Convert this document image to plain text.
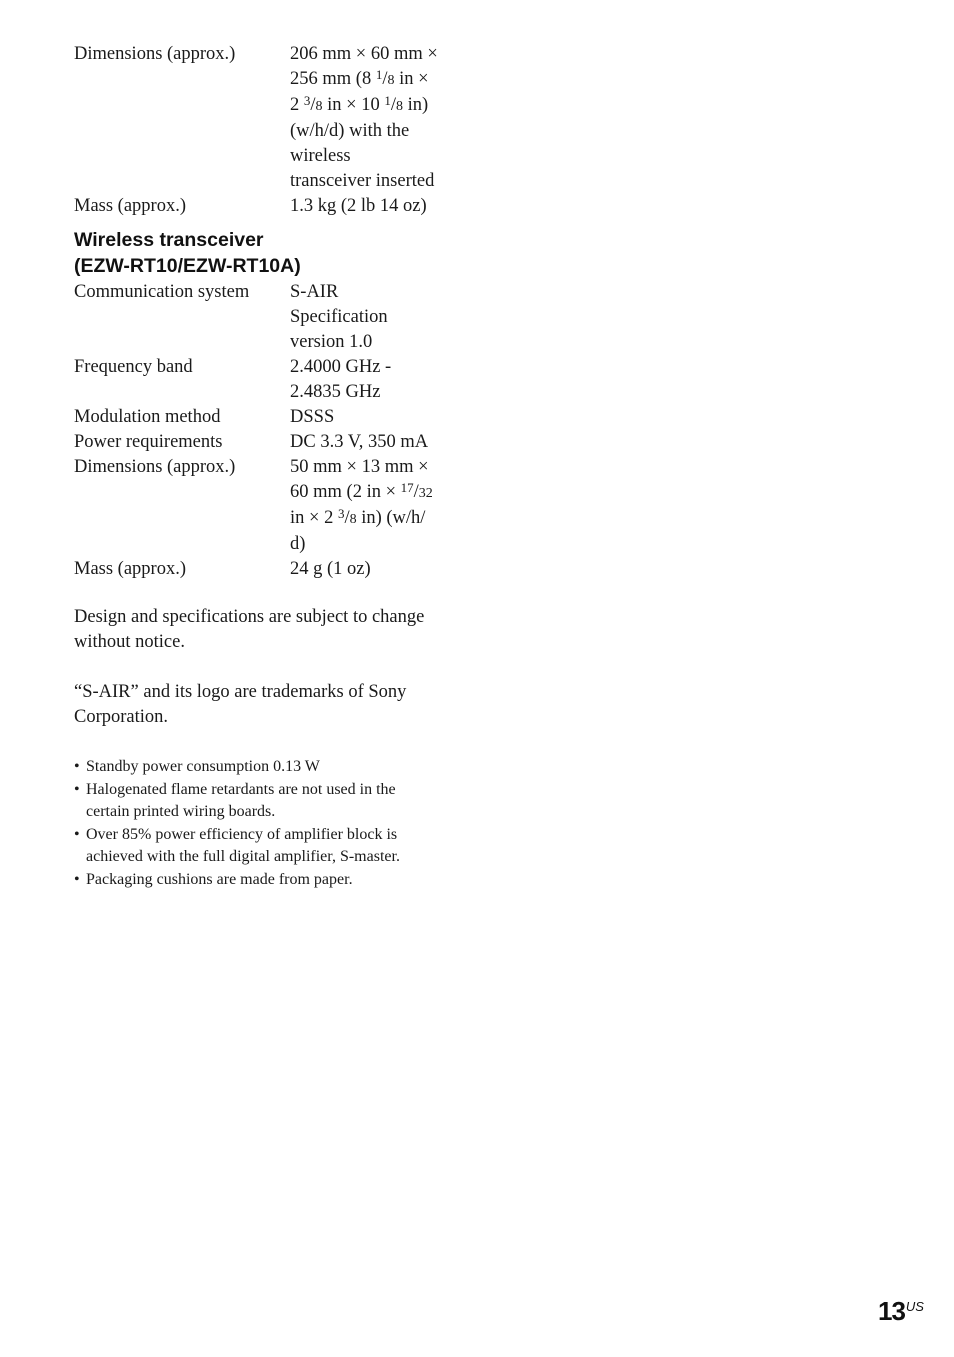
Dimensions (approx.)	206 mm × 60 mm ×
256 mm (8 $^1$/8 in ×
2 $^3$/8 in × 10 $^1$/8 in)
(w/h/d) with the
wireless
transceiver inserted
Mass (approx.)	1.3 kg (2 lb 14 oz)
Wireless transceiver
(EZW-RT10/EZW-RT10A)
Communication system	S-AIR
Specification
version 1.0
Frequency band	2.4000 GHz -
2.4835 GHz
Modulation method	DSSS
Power requirements	DC 3.3 V, 350 mA
Dimensions (approx.)	50 mm × 13 mm ×
60 mm (2 in × $^{17}$/32
in × 2 $^3$/8 in) (w/h/
d)
Mass (approx.)	24 g (1 oz)
Design and specifications are subject to change
without notice.
“S-AIR” and its logo are trademarks of Sony
Corporation.
• Standby power consumption 0.13 W
• Halogenated flame retardants are not used in the
certain printed wiring boards.
• Over 85% power efficiency of amplifier block is
achieved with the full digital amplifier, S-master.
• Packaging cushions are made from paper.
$13^{US}$
